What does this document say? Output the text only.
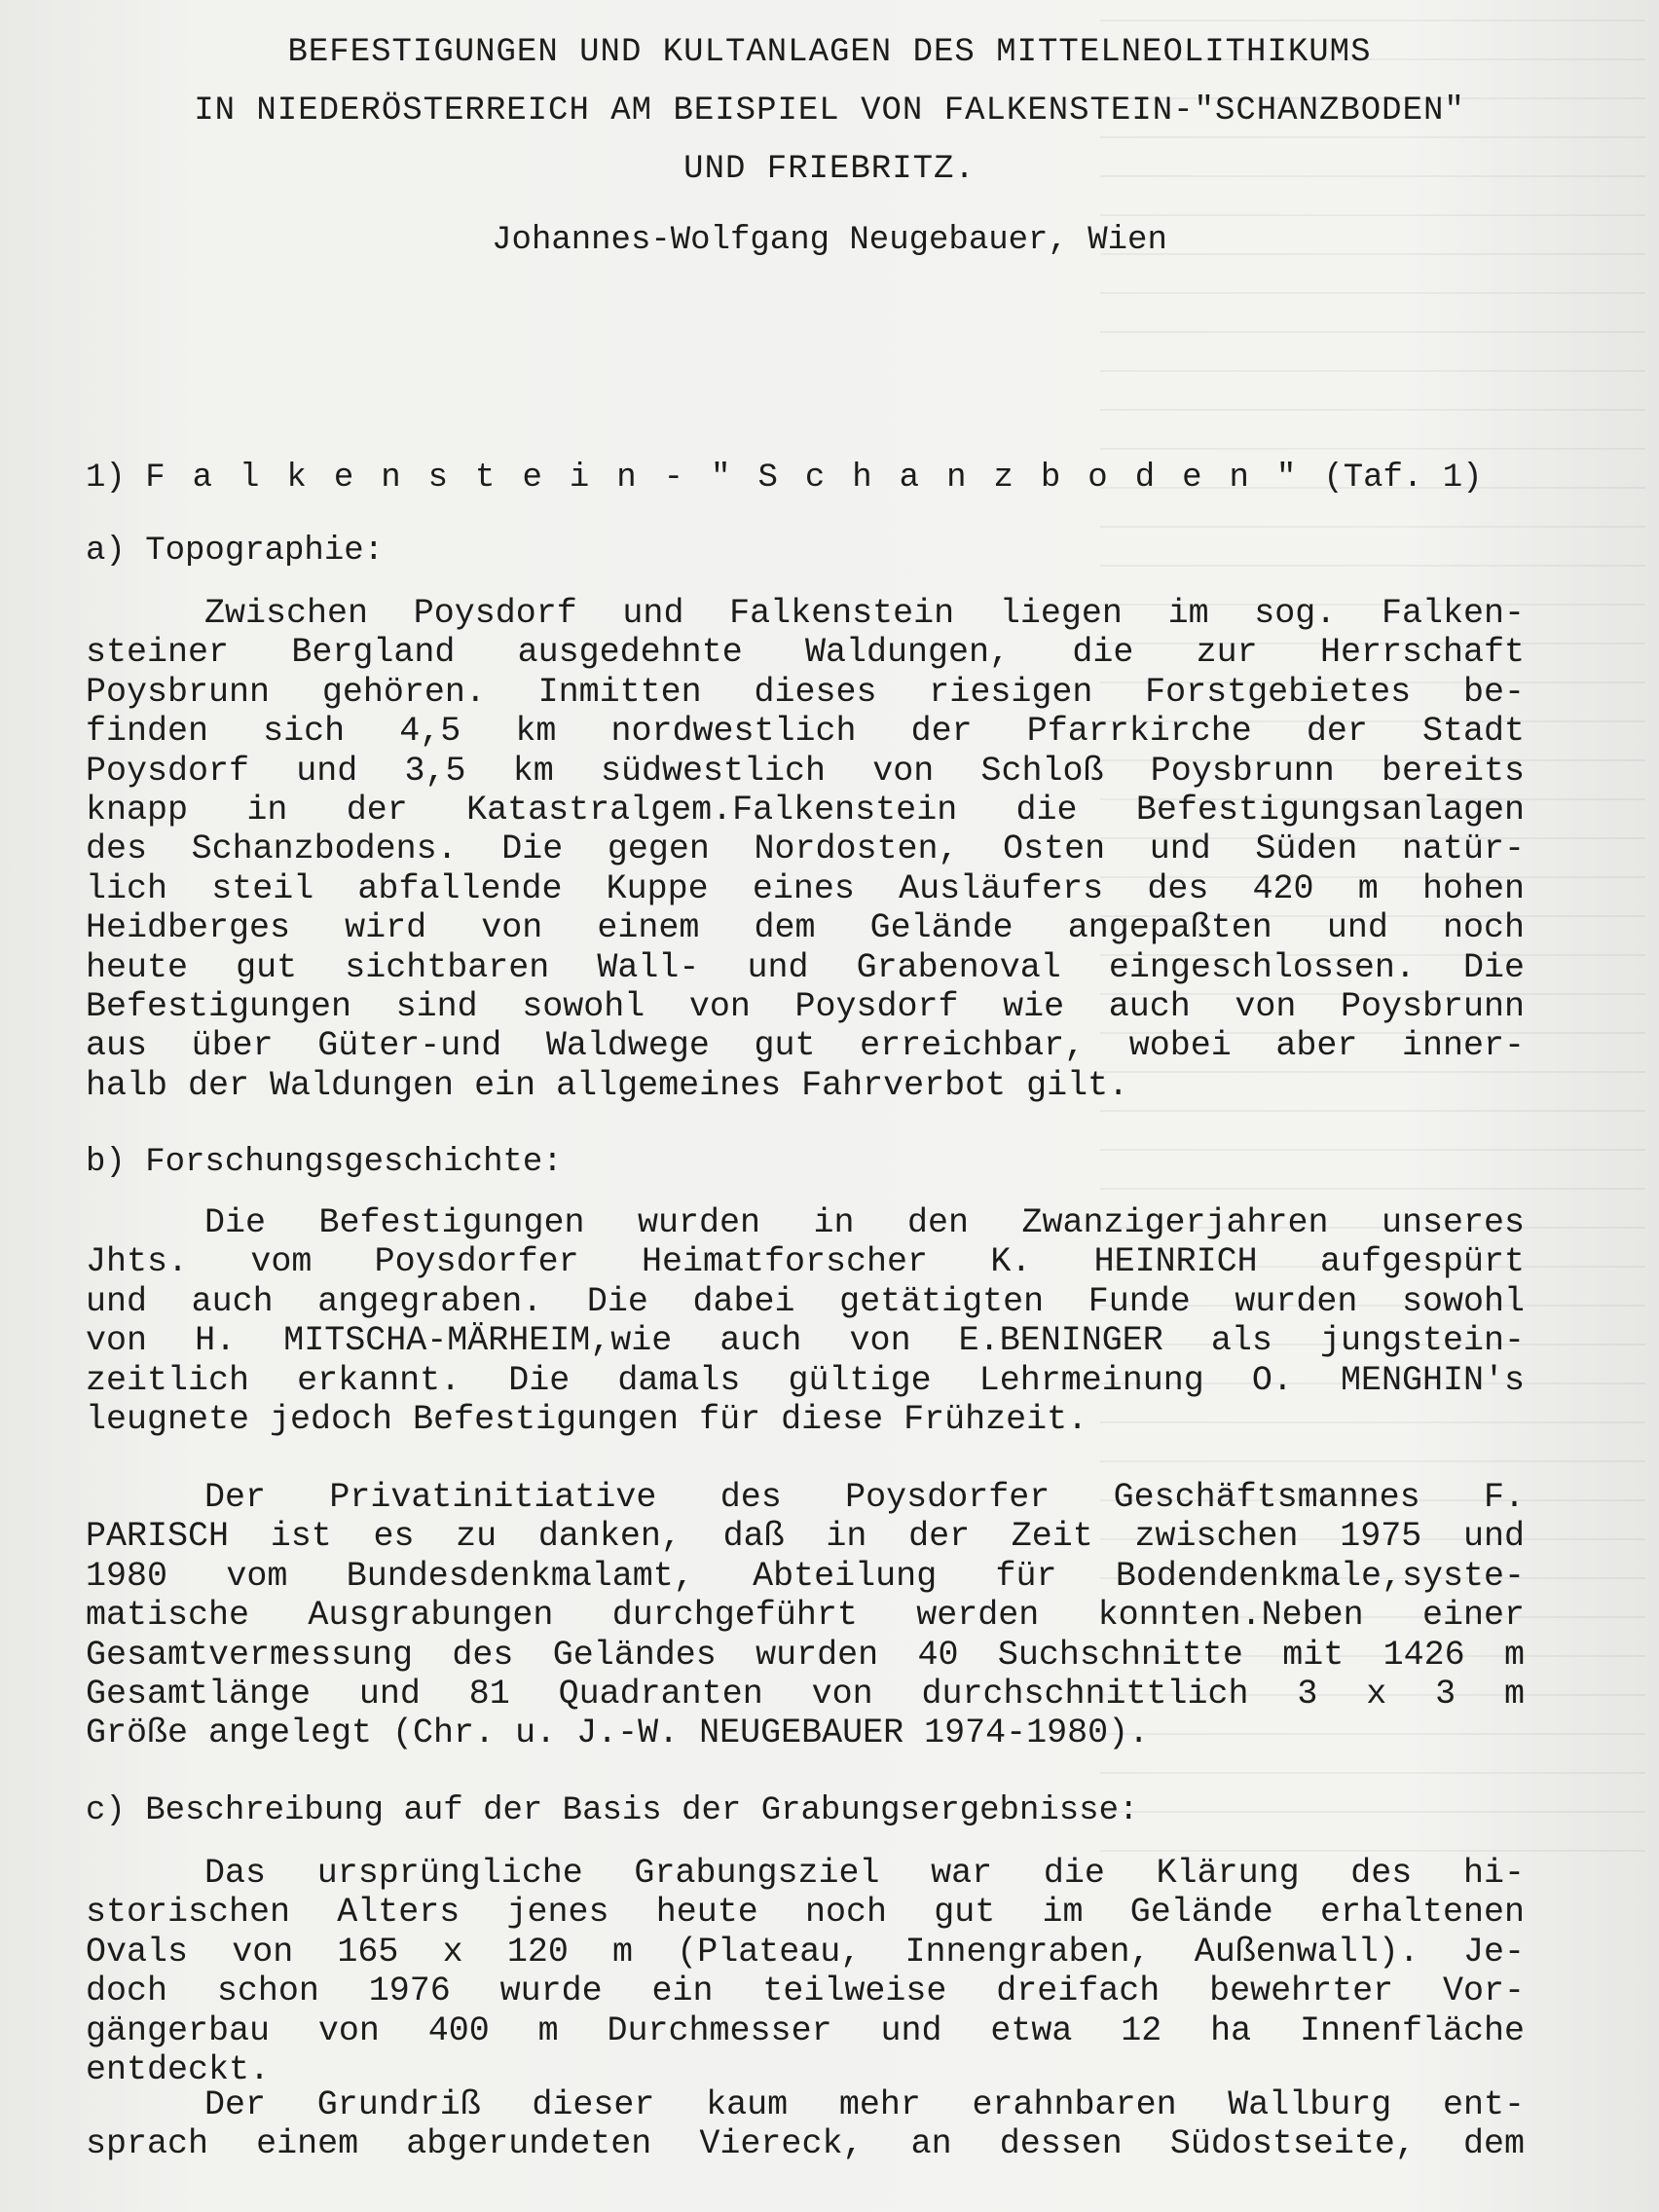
BEFESTIGUNGEN UND KULTANLAGEN DES MITTELNEOLITHIKUMS
IN NIEDERÖSTERREICH AM BEISPIEL VON FALKENSTEIN-"SCHANZBODEN"
UND FRIEBRITZ.
Johannes-Wolfgang Neugebauer, Wien
1) Falkenstein-"Schanzboden"(Taf. 1)
a) Topographie:
Zwischen Poysdorf und Falkenstein liegen im sog. Falken-
steiner Bergland ausgedehnte Waldungen, die zur Herrschaft
Poysbrunn gehören. Inmitten dieses riesigen Forstgebietes be-
finden sich 4,5 km nordwestlich der Pfarrkirche der Stadt
Poysdorf und 3,5 km südwestlich von Schloß Poysbrunn bereits
knapp in der Katastralgem.Falkenstein die Befestigungsanlagen
des Schanzbodens. Die gegen Nordosten, Osten und Süden natür-
lich steil abfallende Kuppe eines Ausläufers des 420 m hohen
Heidberges wird von einem dem Gelände angepaßten und noch
heute gut sichtbaren Wall- und Grabenoval eingeschlossen. Die
Befestigungen sind sowohl von Poysdorf wie auch von Poysbrunn
aus über Güter-und Waldwege gut erreichbar, wobei aber inner-
halb der Waldungen ein allgemeines Fahrverbot gilt.
b) Forschungsgeschichte:
Die Befestigungen wurden in den Zwanzigerjahren unseres
Jhts. vom Poysdorfer Heimatforscher K. HEINRICH aufgespürt
und auch angegraben. Die dabei getätigten Funde wurden sowohl
von H. MITSCHA-MÄRHEIM,wie auch von E.BENINGER als jungstein-
zeitlich erkannt. Die damals gültige Lehrmeinung O. MENGHIN's
leugnete jedoch Befestigungen für diese Frühzeit.
Der Privatinitiative des Poysdorfer Geschäftsmannes F.
PARISCH ist es zu danken, daß in der Zeit zwischen 1975 und
1980 vom Bundesdenkmalamt, Abteilung für Bodendenkmale,syste-
matische Ausgrabungen durchgeführt werden konnten.Neben einer
Gesamtvermessung des Geländes wurden 40 Suchschnitte mit 1426 m
Gesamtlänge und 81 Quadranten von durchschnittlich 3 x 3 m
Größe angelegt (Chr. u. J.-W. NEUGEBAUER 1974-1980).
c) Beschreibung auf der Basis der Grabungsergebnisse:
Das ursprüngliche Grabungsziel war die Klärung des hi-
storischen Alters jenes heute noch gut im Gelände erhaltenen
Ovals von 165 x 120 m (Plateau, Innengraben, Außenwall). Je-
doch schon 1976 wurde ein teilweise dreifach bewehrter Vor-
gängerbau von 400 m Durchmesser und etwa 12 ha Innenfläche
entdeckt.
Der Grundriß dieser kaum mehr erahnbaren Wallburg ent-
sprach einem abgerundeten Viereck, an dessen Südostseite, dem
